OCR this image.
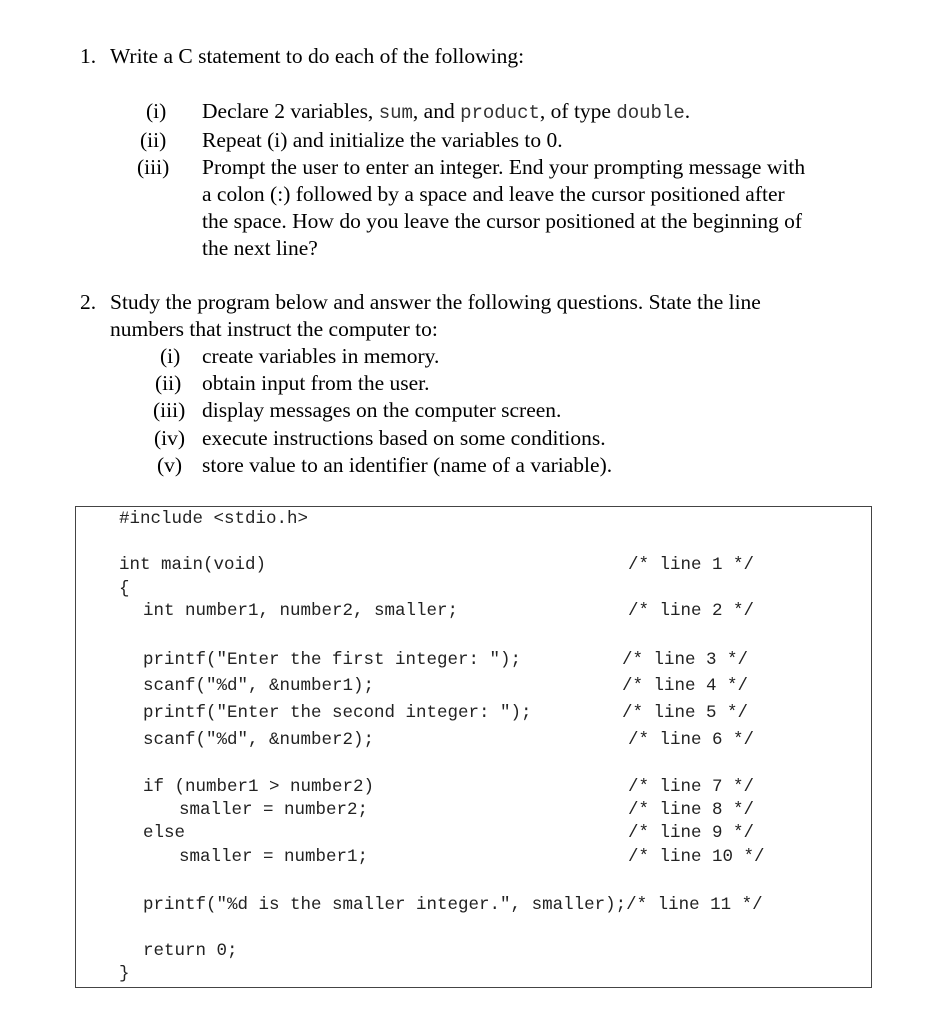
1. Write a C statement to do each of the following:
(i) Declare 2 variables, sum, and product, of type double.
(ii) Repeat (i) and initialize the variables to 0.
(iii) Prompt the user to enter an integer. End your prompting message with
a colon (:) followed by a space and leave the cursor positioned after
the space. How do you leave the cursor positioned at the beginning of
the next line?
2. Study the program below and answer the following questions. State the line
numbers that instruct the computer to:
(i) create variables in memory.
(ii) obtain input from the user.
(iii) display messages on the computer screen.
(iv) execute instructions based on some conditions.
(v) store value to an identifier (name of a variable).
#include <stdio.h>
int main(void)
{
int number1, number2, smaller;
printf("Enter the first integer: ");
scanf("%d", &number1);
printf("Enter the second integer: ");
scanf("%d", &number2);
if (number1 > number2)
smaller = number2;
else
smaller = number1;
printf("%d is the smaller integer.", smaller);/* line 11 */
return 0;
}
/* line 1 */
/* line 2 */
/* line 3 */
/* line 4 */
/* line 5 */
/* line 6 */
/* line 7 */
/* line 8 */
/* line 9 */
/* line 10 */
